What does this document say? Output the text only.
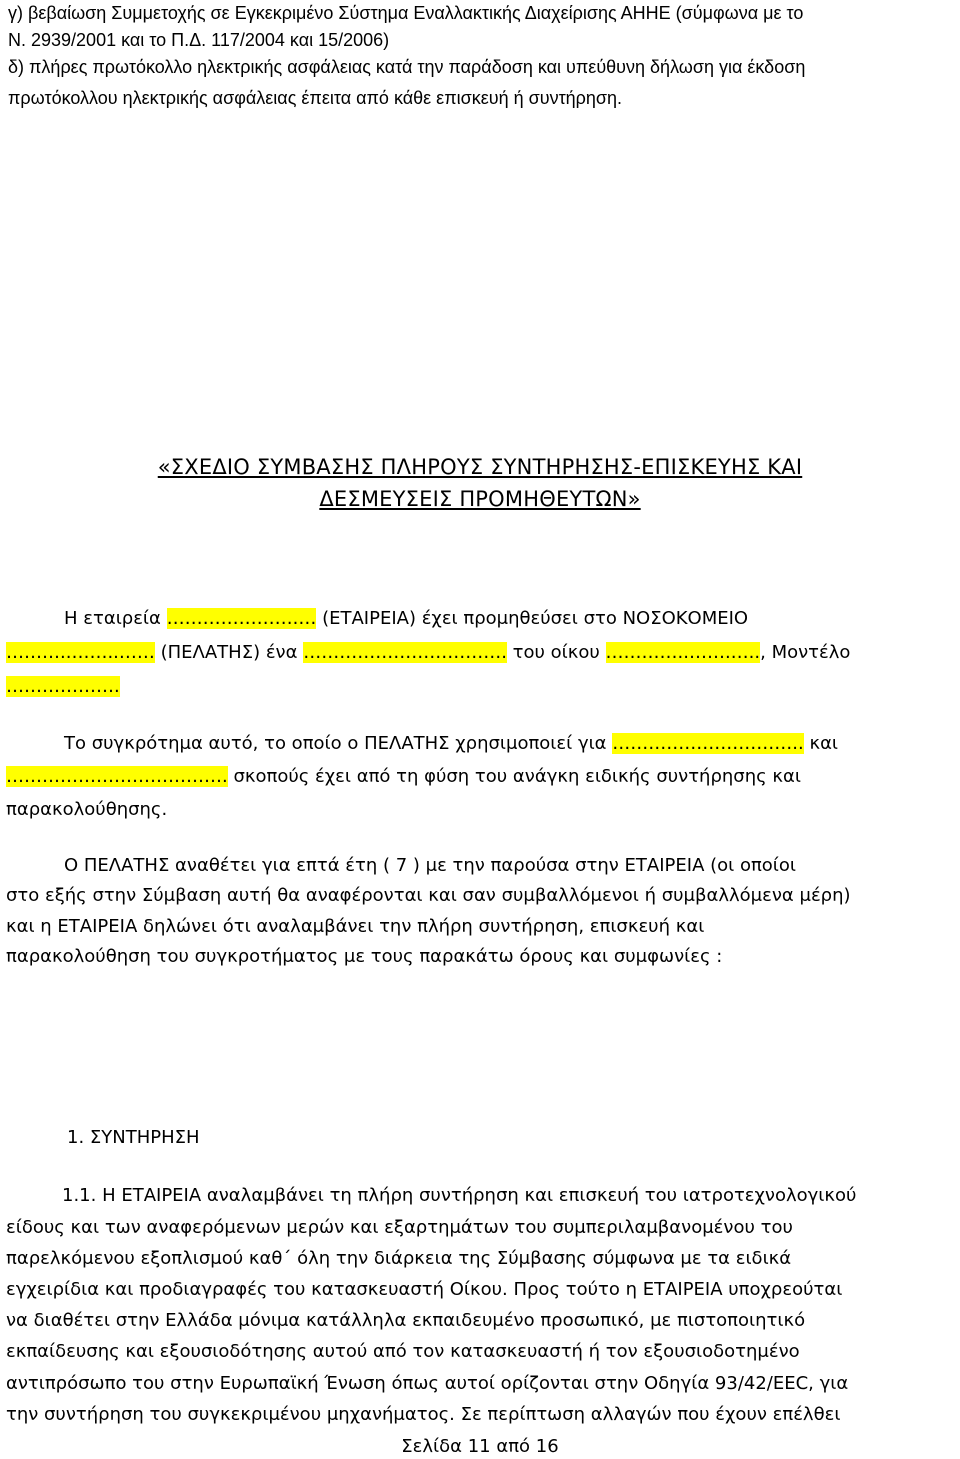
γ) βεβαίωση Συμμετοχής σε Εγκεκριμένο Σύστημα Εναλλακτικής Διαχείρισης ΑΗΗΕ (σύμφωνα με το
Ν. 2939/2001 και το Π.Δ. 117/2004 και 15/2006)
δ) πλήρες πρωτόκολλο ηλεκτρικής ασφάλειας κατά την παράδοση και υπεύθυνη δήλωση για έκδοση
πρωτόκολλου ηλεκτρικής ασφάλειας έπειτα από κάθε επισκευή ή συντήρηση.
«ΣΧΕΔΙΟ ΣΥΜΒΑΣΗΣ ΠΛΗΡΟΥΣ ΣΥΝΤΗΡΗΣΗΣ-ΕΠΙΣΚΕΥΗΣ ΚΑΙ
ΔΕΣΜΕΥΣΕΙΣ ΠΡΟΜΗΘΕΥΤΩΝ»
Η εταιρεία ………………….… (ΕΤΑΙΡΕΙΑ) έχει προμηθεύσει στο ΝΟΣΟΚΟΜΕΙΟ
………..……..…… (ΠΕΛΑΤΗΣ) ένα ……………………………. του οίκου …………..…….….., Μοντέλο
……………….
Το συγκρότημα αυτό, το οποίο ο ΠΕΛΑΤΗΣ χρησιμοποιεί για ………………………….. και
………………………………. σκοπούς έχει από τη φύση του ανάγκη ειδικής συντήρησης και
παρακολούθησης.
Ο ΠΕΛΑΤΗΣ αναθέτει για επτά έτη ( 7 ) με την παρούσα στην ΕΤΑΙΡΕΙΑ (οι οποίοι
στο εξής στην Σύμβαση αυτή θα αναφέρονται και σαν συμβαλλόμενοι ή συμβαλλόμενα μέρη)
και η ΕΤΑΙΡΕΙΑ δηλώνει ότι αναλαμβάνει την πλήρη συντήρηση, επισκευή και
παρακολούθηση του συγκροτήματος με τους παρακάτω όρους και συμφωνίες :
1. ΣΥΝΤΗΡΗΣΗ
1.1. Η ΕΤΑΙΡΕΙΑ αναλαμβάνει τη πλήρη συντήρηση και επισκευή του ιατροτεχνολογικού
είδους και των αναφερόμενων μερών και εξαρτημάτων του συμπεριλαμβανομένου του
παρελκόμενου εξοπλισμού καθ΄ όλη την διάρκεια της Σύμβασης σύμφωνα με τα ειδικά
εγχειρίδια και προδιαγραφές του κατασκευαστή Οίκου. Προς τούτο η ΕΤΑΙΡΕΙΑ υποχρεούται
να διαθέτει στην Ελλάδα μόνιμα κατάλληλα εκπαιδευμένο προσωπικό, με πιστοποιητικό
εκπαίδευσης και εξουσιοδότησης αυτού από τον κατασκευαστή ή τον εξουσιοδοτημένο
αντιπρόσωπο του στην Ευρωπαϊκή Ένωση όπως αυτοί ορίζονται στην Οδηγία 93/42/ΕΕC, για
την συντήρηση του συγκεκριμένου μηχανήματος. Σε περίπτωση αλλαγών που έχουν επέλθει
Σελίδα 11 από 16
